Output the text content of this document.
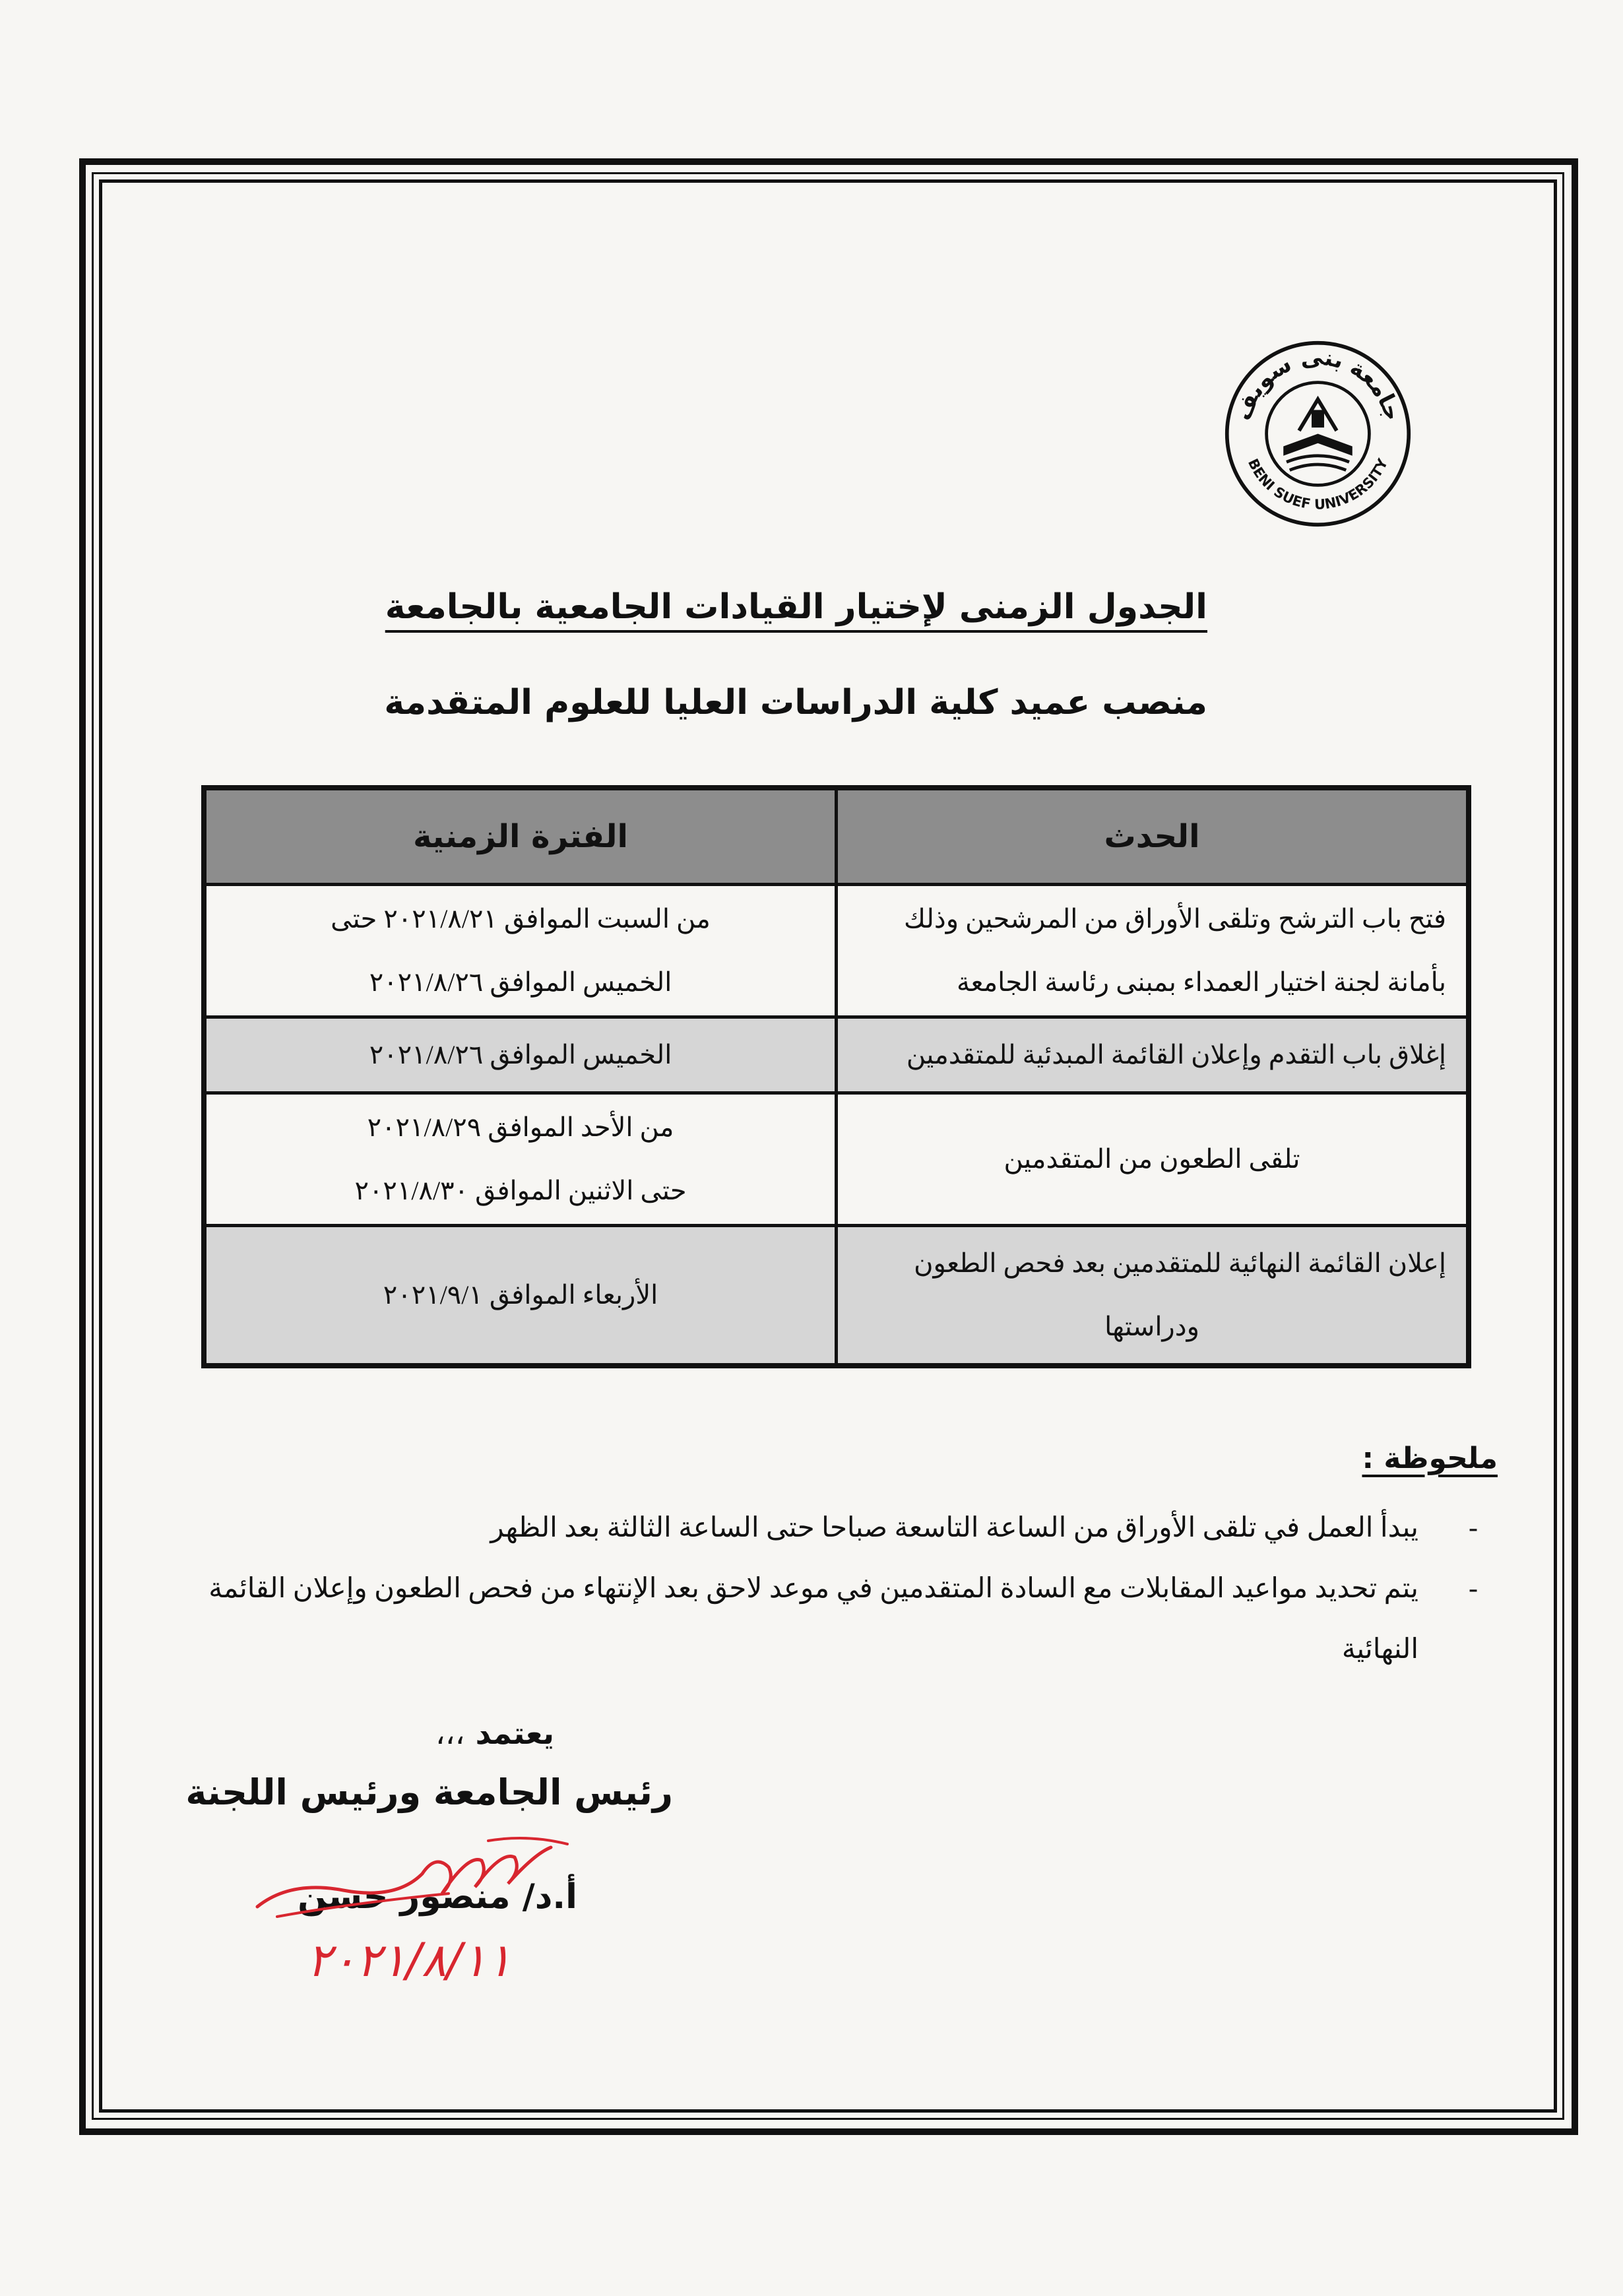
جامعة بنى سويف
BENI SUEF UNIVERSITY
الجدول الزمنى لإختيار القيادات الجامعية بالجامعة
منصب عميد كلية الدراسات العليا للعلوم المتقدمة
الحدث	الفترة الزمنية

فتح باب الترشح وتلقى الأوراق من المرشحين وذلك
بأمانة لجنة اختيار العمداء بمبنى رئاسة الجامعة	من السبت الموافق ٢٠٢١/٨/٢١ حتى
الخميس الموافق ٢٠٢١/٨/٢٦

إغلاق باب التقدم وإعلان القائمة المبدئية للمتقدمين	الخميس الموافق ٢٠٢١/٨/٢٦

تلقى الطعون من المتقدمين	من الأحد الموافق ٢٠٢١/٨/٢٩
حتى الاثنين الموافق ٢٠٢١/٨/٣٠

إعلان القائمة النهائية للمتقدمين بعد فحص الطعون
ودراستها	الأربعاء الموافق ٢٠٢١/٩/١
ملحوظة :
- يبدأ العمل في تلقى الأوراق من الساعة التاسعة صباحا حتى الساعة الثالثة بعد الظهر
- يتم تحديد مواعيد المقابلات مع السادة المتقدمين في موعد لاحق بعد الإنتهاء من فحص الطعون وإعلان القائمة النهائية
يعتمد ،،،
رئيس الجامعة ورئيس اللجنة
أ.د/ منصور حسن
٢٠٢١/٨/١١
